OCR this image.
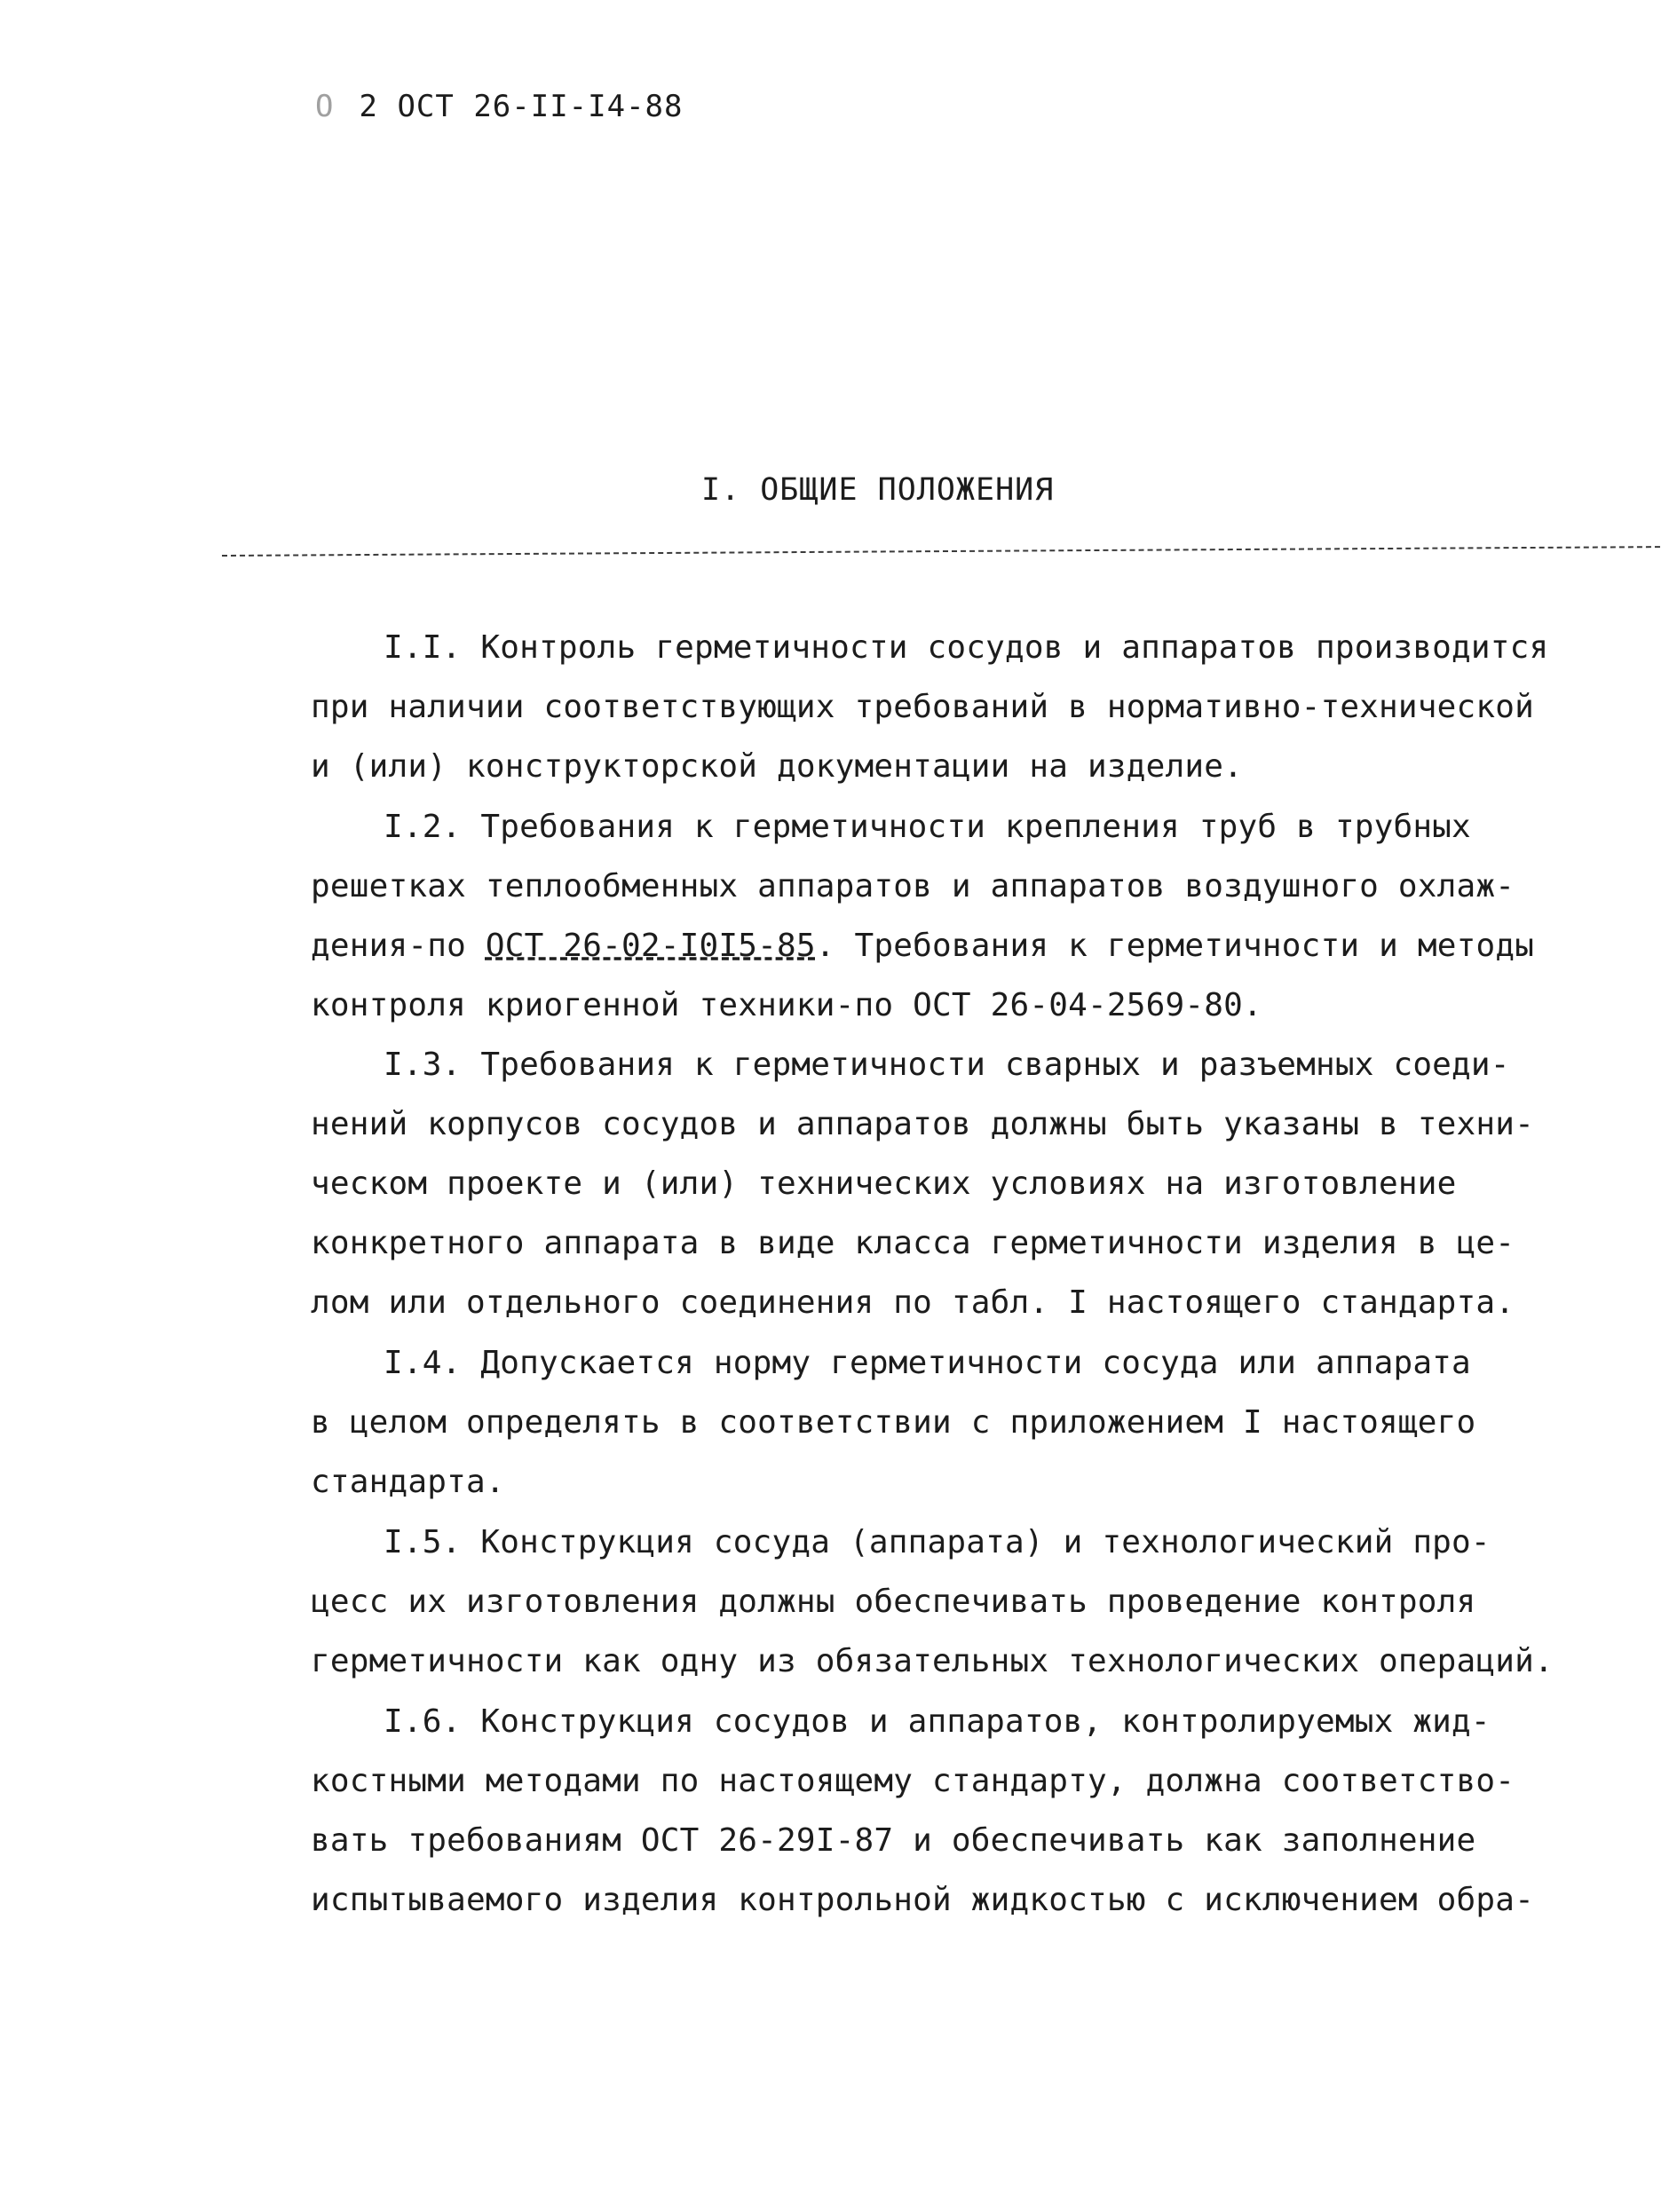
О 2 ОСТ 26-II-I4-88
I. ОБЩИЕ ПОЛОЖЕНИЯ
I.I. Контроль герметичности сосудов и аппаратов производится
при наличии соответствующих требований в нормативно-технической
и (или) конструкторской документации на изделие.
I.2. Требования к герметичности крепления труб в трубных
решетках теплообменных аппаратов и аппаратов воздушного охлаж-
дения-по ОСТ 26-02-I0I5-85. Требования к герметичности и методы
контроля криогенной техники-по ОСТ 26-04-2569-80.
I.3. Требования к герметичности сварных и разъемных соеди-
нений корпусов сосудов и аппаратов должны быть указаны в техни-
ческом проекте и (или) технических условиях на изготовление
конкретного аппарата в виде класса герметичности изделия в це-
лом или отдельного соединения по табл. I настоящего стандарта.
I.4. Допускается норму герметичности сосуда или аппарата
в целом определять в соответствии с приложением I настоящего
стандарта.
I.5. Конструкция сосуда (аппарата) и технологический про-
цесс их изготовления должны обеспечивать проведение контроля
герметичности как одну из обязательных технологических операций.
I.6. Конструкция сосудов и аппаратов, контролируемых жид-
костными методами по настоящему стандарту, должна соответство-
вать требованиям ОСТ 26-29I-87 и обеспечивать как заполнение
испытываемого изделия контрольной жидкостью с исключением обра-
